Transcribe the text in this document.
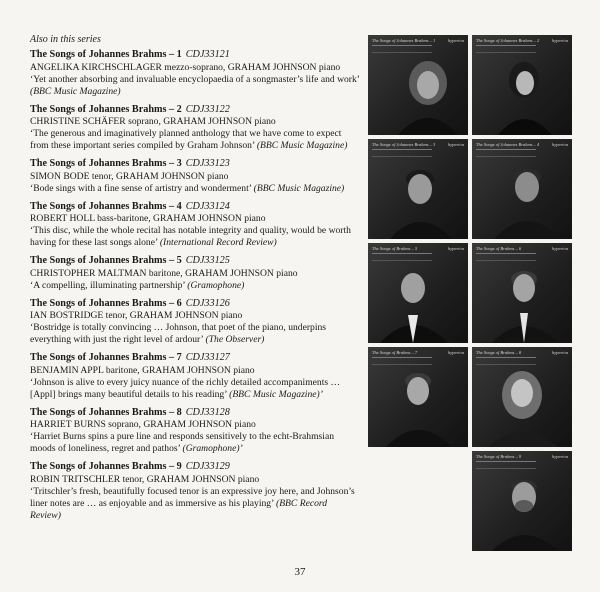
Also in this series
The Songs of Johannes Brahms – 1 CDJ33121
ANGELIKA KIRCHSCHLAGER mezzo-soprano, GRAHAM JOHNSON piano
‘Yet another absorbing and invaluable encyclopaedia of a songmaster’s life and work’ (BBC Music Magazine)
The Songs of Johannes Brahms – 2 CDJ33122
CHRISTINE SCHÄFER soprano, GRAHAM JOHNSON piano
‘The generous and imaginatively planned anthology that we have come to expect from these important series compiled by Graham Johnson’ (BBC Music Magazine)
The Songs of Johannes Brahms – 3 CDJ33123
SIMON BODE tenor, GRAHAM JOHNSON piano
‘Bode sings with a fine sense of artistry and wonderment’ (BBC Music Magazine)
The Songs of Johannes Brahms – 4 CDJ33124
ROBERT HOLL bass-baritone, GRAHAM JOHNSON piano
‘This disc, while the whole recital has notable integrity and quality, would be worth having for these last songs alone’ (International Record Review)
The Songs of Johannes Brahms – 5 CDJ33125
CHRISTOPHER MALTMAN baritone, GRAHAM JOHNSON piano
‘A compelling, illuminating partnership’ (Gramophone)
The Songs of Johannes Brahms – 6 CDJ33126
IAN BOSTRIDGE tenor, GRAHAM JOHNSON piano
‘Bostridge is totally convincing … Johnson, that poet of the piano, underpins everything with just the right level of ardour’ (The Observer)
The Songs of Johannes Brahms – 7 CDJ33127
BENJAMIN APPL baritone, GRAHAM JOHNSON piano
‘Johnson is alive to every juicy nuance of the richly detailed accompaniments … [Appl] brings many beautiful details to his reading’ (BBC Music Magazine)’
The Songs of Johannes Brahms – 8 CDJ33128
HARRIET BURNS soprano, GRAHAM JOHNSON piano
‘Harriet Burns spins a pure line and responds sensitively to the echt-Brahmsian moods of loneliness, regret and pathos’ (Gramophone)’
The Songs of Johannes Brahms – 9 CDJ33129
ROBIN TRITSCHLER tenor, GRAHAM JOHNSON piano
‘Tritschler’s fresh, beautifully focused tenor is an expressive joy here, and Johnson’s liner notes are … as enjoyable and as immersive as his playing’ (BBC Record Review)
The Songs of Johannes Brahms – 1	hyperion	The Songs of Johannes Brahms – 2	hyperion
The Songs of Johannes Brahms – 3	hyperion	The Songs of Johannes Brahms – 4	hyperion
The Songs of Brahms – 5	hyperion	The Songs of Brahms – 6	hyperion
The Songs of Brahms – 7	hyperion	The Songs of Brahms – 8	hyperion
The Songs of Brahms – 9	hyperion
37
